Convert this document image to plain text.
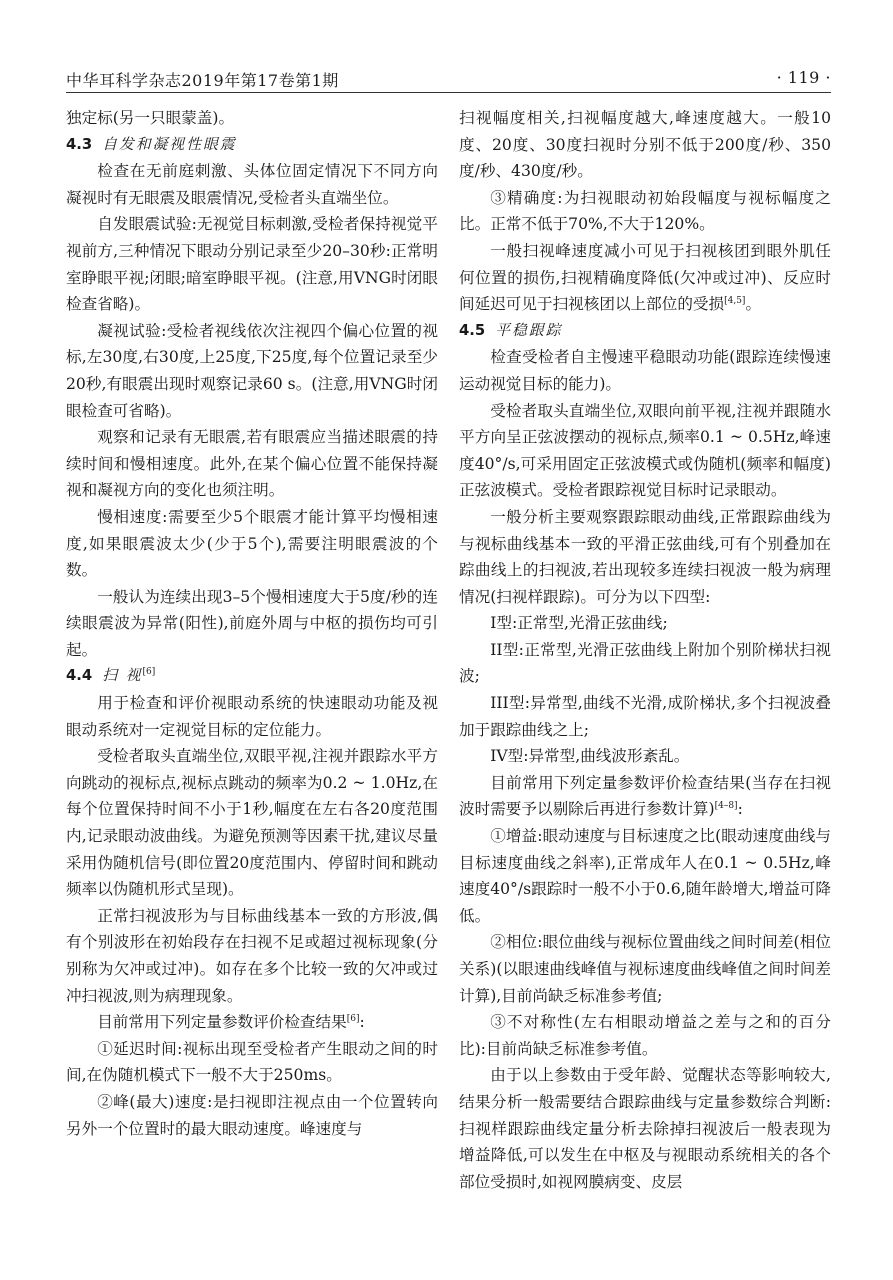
中华耳科学杂志2019年第17卷第1期	· 119 ·
独定标(另一只眼蒙盖)。
4.3 自发和凝视性眼震
检查在无前庭刺激、头体位固定情况下不同方向凝视时有无眼震及眼震情况,受检者头直端坐位。
自发眼震试验:无视觉目标刺激,受检者保持视觉平视前方,三种情况下眼动分别记录至少20–30秒:正常明室睁眼平视;闭眼;暗室睁眼平视。(注意,用VNG时闭眼检查省略)。
凝视试验:受检者视线依次注视四个偏心位置的视标,左30度,右30度,上25度,下25度,每个位置记录至少20秒,有眼震出现时观察记录60 s。(注意,用VNG时闭眼检查可省略)。
观察和记录有无眼震,若有眼震应当描述眼震的持续时间和慢相速度。此外,在某个偏心位置不能保持凝视和凝视方向的变化也须注明。
慢相速度:需要至少5个眼震才能计算平均慢相速度,如果眼震波太少(少于5个),需要注明眼震波的个数。
一般认为连续出现3–5个慢相速度大于5度/秒的连续眼震波为异常(阳性),前庭外周与中枢的损伤均可引起。
4.4 扫 视[6]
用于检查和评价视眼动系统的快速眼动功能及视眼动系统对一定视觉目标的定位能力。
受检者取头直端坐位,双眼平视,注视并跟踪水平方向跳动的视标点,视标点跳动的频率为0.2 ~ 1.0Hz,在每个位置保持时间不小于1秒,幅度在左右各20度范围内,记录眼动波曲线。为避免预测等因素干扰,建议尽量采用伪随机信号(即位置20度范围内、停留时间和跳动频率以伪随机形式呈现)。
正常扫视波形为与目标曲线基本一致的方形波,偶有个别波形在初始段存在扫视不足或超过视标现象(分别称为欠冲或过冲)。如存在多个比较一致的欠冲或过冲扫视波,则为病理现象。
目前常用下列定量参数评价检查结果[6]:
①延迟时间:视标出现至受检者产生眼动之间的时间,在伪随机模式下一般不大于250ms。
②峰(最大)速度:是扫视即注视点由一个位置转向另外一个位置时的最大眼动速度。峰速度与
扫视幅度相关,扫视幅度越大,峰速度越大。一般10度、20度、30度扫视时分别不低于200度/秒、350度/秒、430度/秒。
③精确度:为扫视眼动初始段幅度与视标幅度之比。正常不低于70%,不大于120%。
一般扫视峰速度减小可见于扫视核团到眼外肌任何位置的损伤,扫视精确度降低(欠冲或过冲)、反应时间延迟可见于扫视核团以上部位的受损[4,5]。
4.5 平稳跟踪
检查受检者自主慢速平稳眼动功能(跟踪连续慢速运动视觉目标的能力)。
受检者取头直端坐位,双眼向前平视,注视并跟随水平方向呈正弦波摆动的视标点,频率0.1 ~ 0.5Hz,峰速度40°/s,可采用固定正弦波模式或伪随机(频率和幅度)正弦波模式。受检者跟踪视觉目标时记录眼动。
一般分析主要观察跟踪眼动曲线,正常跟踪曲线为与视标曲线基本一致的平滑正弦曲线,可有个别叠加在踪曲线上的扫视波,若出现较多连续扫视波一般为病理情况(扫视样跟踪)。可分为以下四型:
I型:正常型,光滑正弦曲线;
II型:正常型,光滑正弦曲线上附加个别阶梯状扫视波;
III型:异常型,曲线不光滑,成阶梯状,多个扫视波叠加于跟踪曲线之上;
IV型:异常型,曲线波形紊乱。
目前常用下列定量参数评价检查结果(当存在扫视波时需要予以剔除后再进行参数计算)[4–8]:
①增益:眼动速度与目标速度之比(眼动速度曲线与目标速度曲线之斜率),正常成年人在0.1 ~ 0.5Hz,峰速度40°/s跟踪时一般不小于0.6,随年龄增大,增益可降低。
②相位:眼位曲线与视标位置曲线之间时间差(相位关系)(以眼速曲线峰值与视标速度曲线峰值之间时间差计算),目前尚缺乏标准参考值;
③不对称性(左右相眼动增益之差与之和的百分比):目前尚缺乏标准参考值。
由于以上参数由于受年龄、觉醒状态等影响较大,结果分析一般需要结合跟踪曲线与定量参数综合判断:扫视样跟踪曲线定量分析去除掉扫视波后一般表现为增益降低,可以发生在中枢及与视眼动系统相关的各个部位受损时,如视网膜病变、皮层
